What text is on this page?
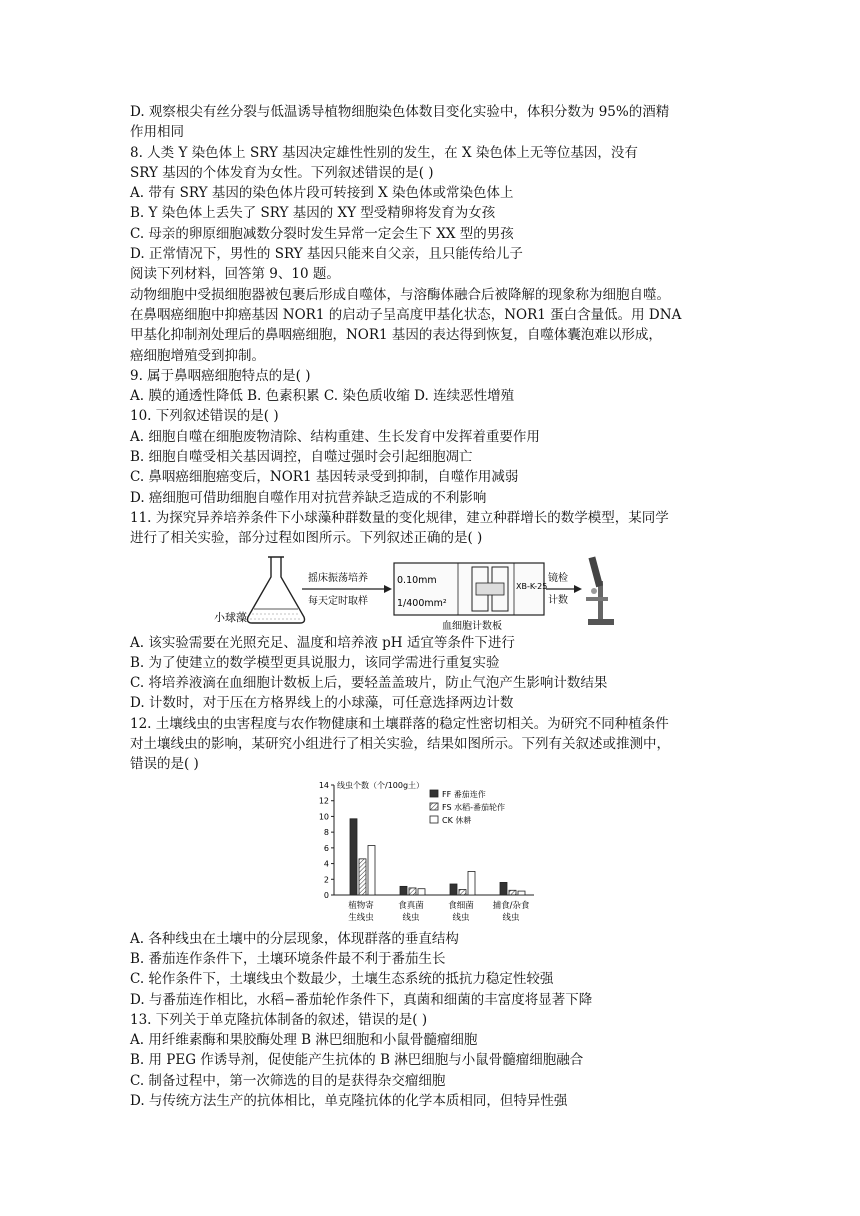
D. 观察根尖有丝分裂与低温诱导植物细胞染色体数目变化实验中，体积分数为 95%的酒精
作用相同
8. 人类 Y 染色体上 SRY 基因决定雄性性别的发生，在 X 染色体上无等位基因，没有
SRY 基因的个体发育为女性。下列叙述错误的是( )
A. 带有 SRY 基因的染色体片段可转接到 X 染色体或常染色体上
B. Y 染色体上丢失了 SRY 基因的 XY 型受精卵将发育为女孩
C. 母亲的卵原细胞减数分裂时发生异常一定会生下 XX 型的男孩
D. 正常情况下，男性的 SRY 基因只能来自父亲，且只能传给儿子
阅读下列材料，回答第 9、10 题。
动物细胞中受损细胞器被包裹后形成自噬体，与溶酶体融合后被降解的现象称为细胞自噬。
在鼻咽癌细胞中抑癌基因 NOR1 的启动子呈高度甲基化状态，NOR1 蛋白含量低。用 DNA
甲基化抑制剂处理后的鼻咽癌细胞，NOR1 基因的表达得到恢复，自噬体囊泡难以形成，
癌细胞增殖受到抑制。
9. 属于鼻咽癌细胞特点的是( )
A. 膜的通透性降低 B. 色素积累 C. 染色质收缩 D. 连续恶性增殖
10. 下列叙述错误的是( )
A. 细胞自噬在细胞废物清除、结构重建、生长发育中发挥着重要作用
B. 细胞自噬受相关基因调控，自噬过强时会引起细胞凋亡
C. 鼻咽癌细胞癌变后，NOR1 基因转录受到抑制，自噬作用减弱
D. 癌细胞可借助细胞自噬作用对抗营养缺乏造成的不利影响
11. 为探究异养培养条件下小球藻种群数量的变化规律，建立种群增长的数学模型，某同学
进行了相关实验，部分过程如图所示。下列叙述正确的是( )
小球藻
摇床振荡培养
每天定时取样
0.10mm
1/400mm²
XB-K-25
血细胞计数板
镜检
计数
A. 该实验需要在光照充足、温度和培养液 pH 适宜等条件下进行
B. 为了使建立的数学模型更具说服力，该同学需进行重复实验
C. 将培养液滴在血细胞计数板上后，要轻盖盖玻片，防止气泡产生影响计数结果
D. 计数时，对于压在方格界线上的小球藻，可任意选择两边计数
12. 土壤线虫的虫害程度与农作物健康和土壤群落的稳定性密切相关。为研究不同种植条件
对土壤线虫的影响，某研究小组进行了相关实验，结果如图所示。下列有关叙述或推测中，
错误的是( )
0
2
4
6
8
10
12
14 线虫个数（个/100g土）
FF 番茄连作
FS 水稻-番茄轮作
CK 休耕
植物寄
生线虫
食真菌
线虫
食细菌
线虫
捕食/杂食
线虫
A. 各种线虫在土壤中的分层现象，体现群落的垂直结构
B. 番茄连作条件下，土壤环境条件最不利于番茄生长
C. 轮作条件下，土壤线虫个数最少，土壤生态系统的抵抗力稳定性较强
D. 与番茄连作相比，水稻−番茄轮作条件下，真菌和细菌的丰富度将显著下降
13. 下列关于单克隆抗体制备的叙述，错误的是( )
A. 用纤维素酶和果胶酶处理 B 淋巴细胞和小鼠骨髓瘤细胞
B. 用 PEG 作诱导剂，促使能产生抗体的 B 淋巴细胞与小鼠骨髓瘤细胞融合
C. 制备过程中，第一次筛选的目的是获得杂交瘤细胞
D. 与传统方法生产的抗体相比，单克隆抗体的化学本质相同，但特异性强
